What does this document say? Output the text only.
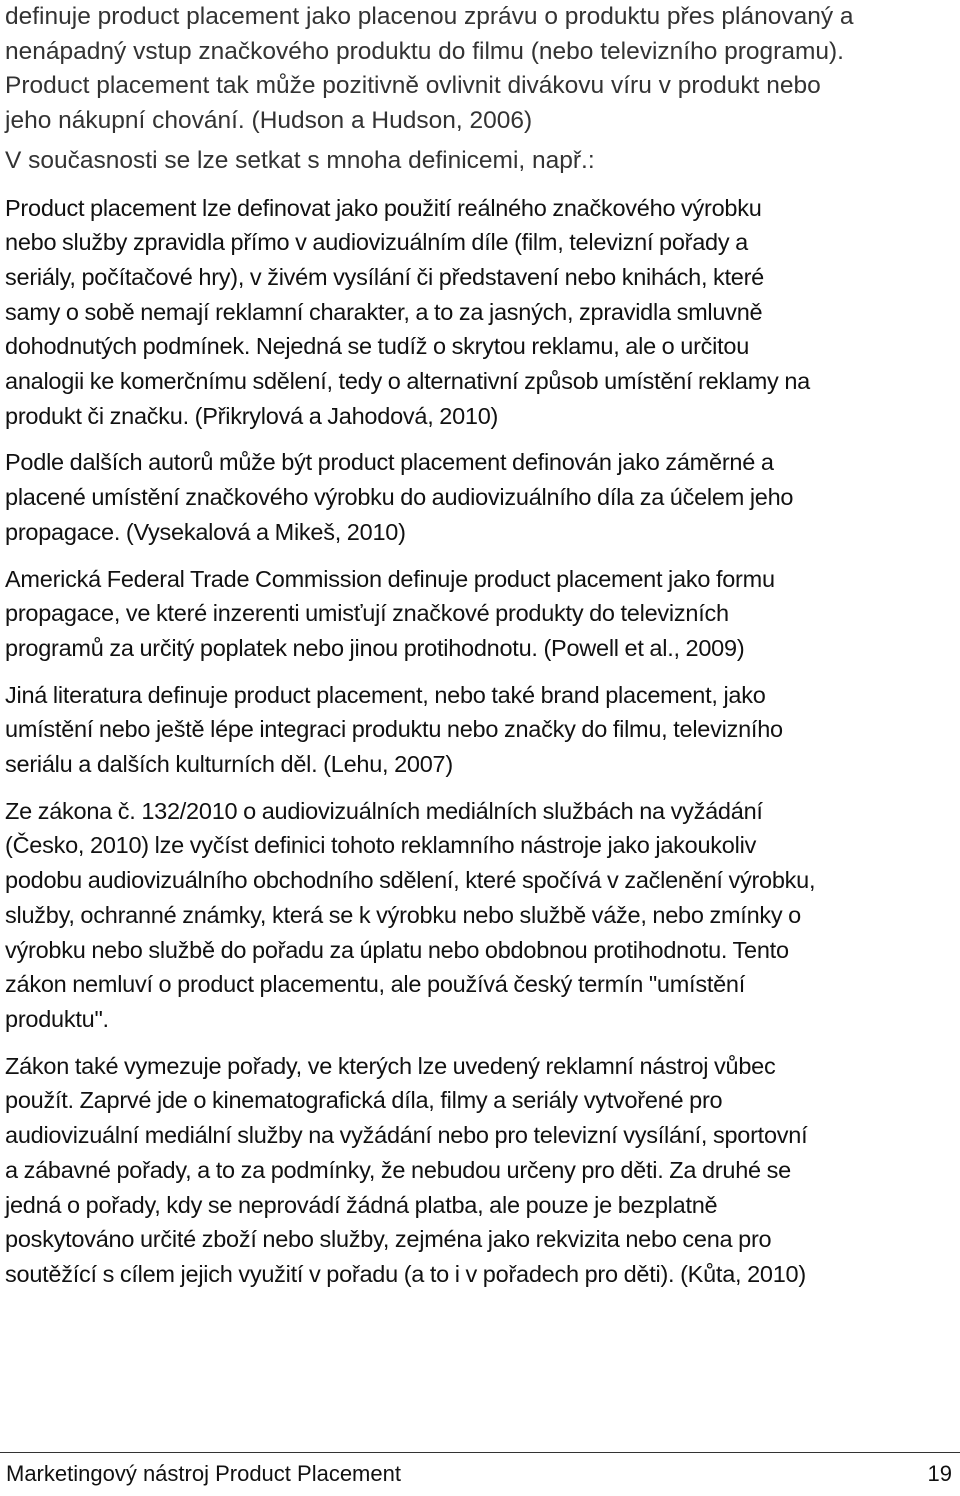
definuje product placement jako placenou zprávu o produktu přes plánovaný a
nenápadný vstup značkového produktu do filmu (nebo televizního programu).
Product placement tak může pozitivně ovlivnit divákovu víru v produkt nebo
jeho nákupní chování. (Hudson a Hudson, 2006)

V současnosti se lze setkat s mnoha definicemi, např.:

Product placement lze definovat jako použití reálného značkového výrobku
nebo služby zpravidla přímo v audiovizuálním díle (film, televizní pořady a
seriály, počítačové hry), v živém vysílání či představení nebo knihách, které
samy o sobě nemají reklamní charakter, a to za jasných, zpravidla smluvně
dohodnutých podmínek. Nejedná se tudíž o skrytou reklamu, ale o určitou
analogii ke komerčnímu sdělení, tedy o alternativní způsob umístění reklamy na
produkt či značku. (Přikrylová a Jahodová, 2010)

Podle dalších autorů může být product placement definován jako záměrné a
placené umístění značkového výrobku do audiovizuálního díla za účelem jeho
propagace. (Vysekalová a Mikeš, 2010)

Americká Federal Trade Commission definuje product placement jako formu
propagace, ve které inzerenti umisťují značkové produkty do televizních
programů za určitý poplatek nebo jinou protihodnotu. (Powell et al., 2009)

Jiná literatura definuje product placement, nebo také brand placement, jako
umístění nebo ještě lépe integraci produktu nebo značky do filmu, televizního
seriálu a dalších kulturních děl. (Lehu, 2007)

Ze zákona č. 132/2010 o audiovizuálních mediálních službách na vyžádání
(Česko, 2010) lze vyčíst definici tohoto reklamního nástroje jako jakoukoliv
podobu audiovizuálního obchodního sdělení, které spočívá v začlenění výrobku,
služby, ochranné známky, která se k výrobku nebo službě váže, nebo zmínky o
výrobku nebo službě do pořadu za úplatu nebo obdobnou protihodnotu. Tento
zákon nemluví o product placementu, ale používá český termín "umístění
produktu".

Zákon také vymezuje pořady, ve kterých lze uvedený reklamní nástroj vůbec
použít. Zaprvé jde o kinematografická díla, filmy a seriály vytvořené pro
audiovizuální mediální služby na vyžádání nebo pro televizní vysílání, sportovní
a zábavné pořady, a to za podmínky, že nebudou určeny pro děti. Za druhé se
jedná o pořady, kdy se neprovádí žádná platba, ale pouze je bezplatně
poskytováno určité zboží nebo služby, zejména jako rekvizita nebo cena pro
soutěžící s cílem jejich využití v pořadu (a to i v pořadech pro děti). (Kůta, 2010)

Marketingový nástroj Product Placement	19
